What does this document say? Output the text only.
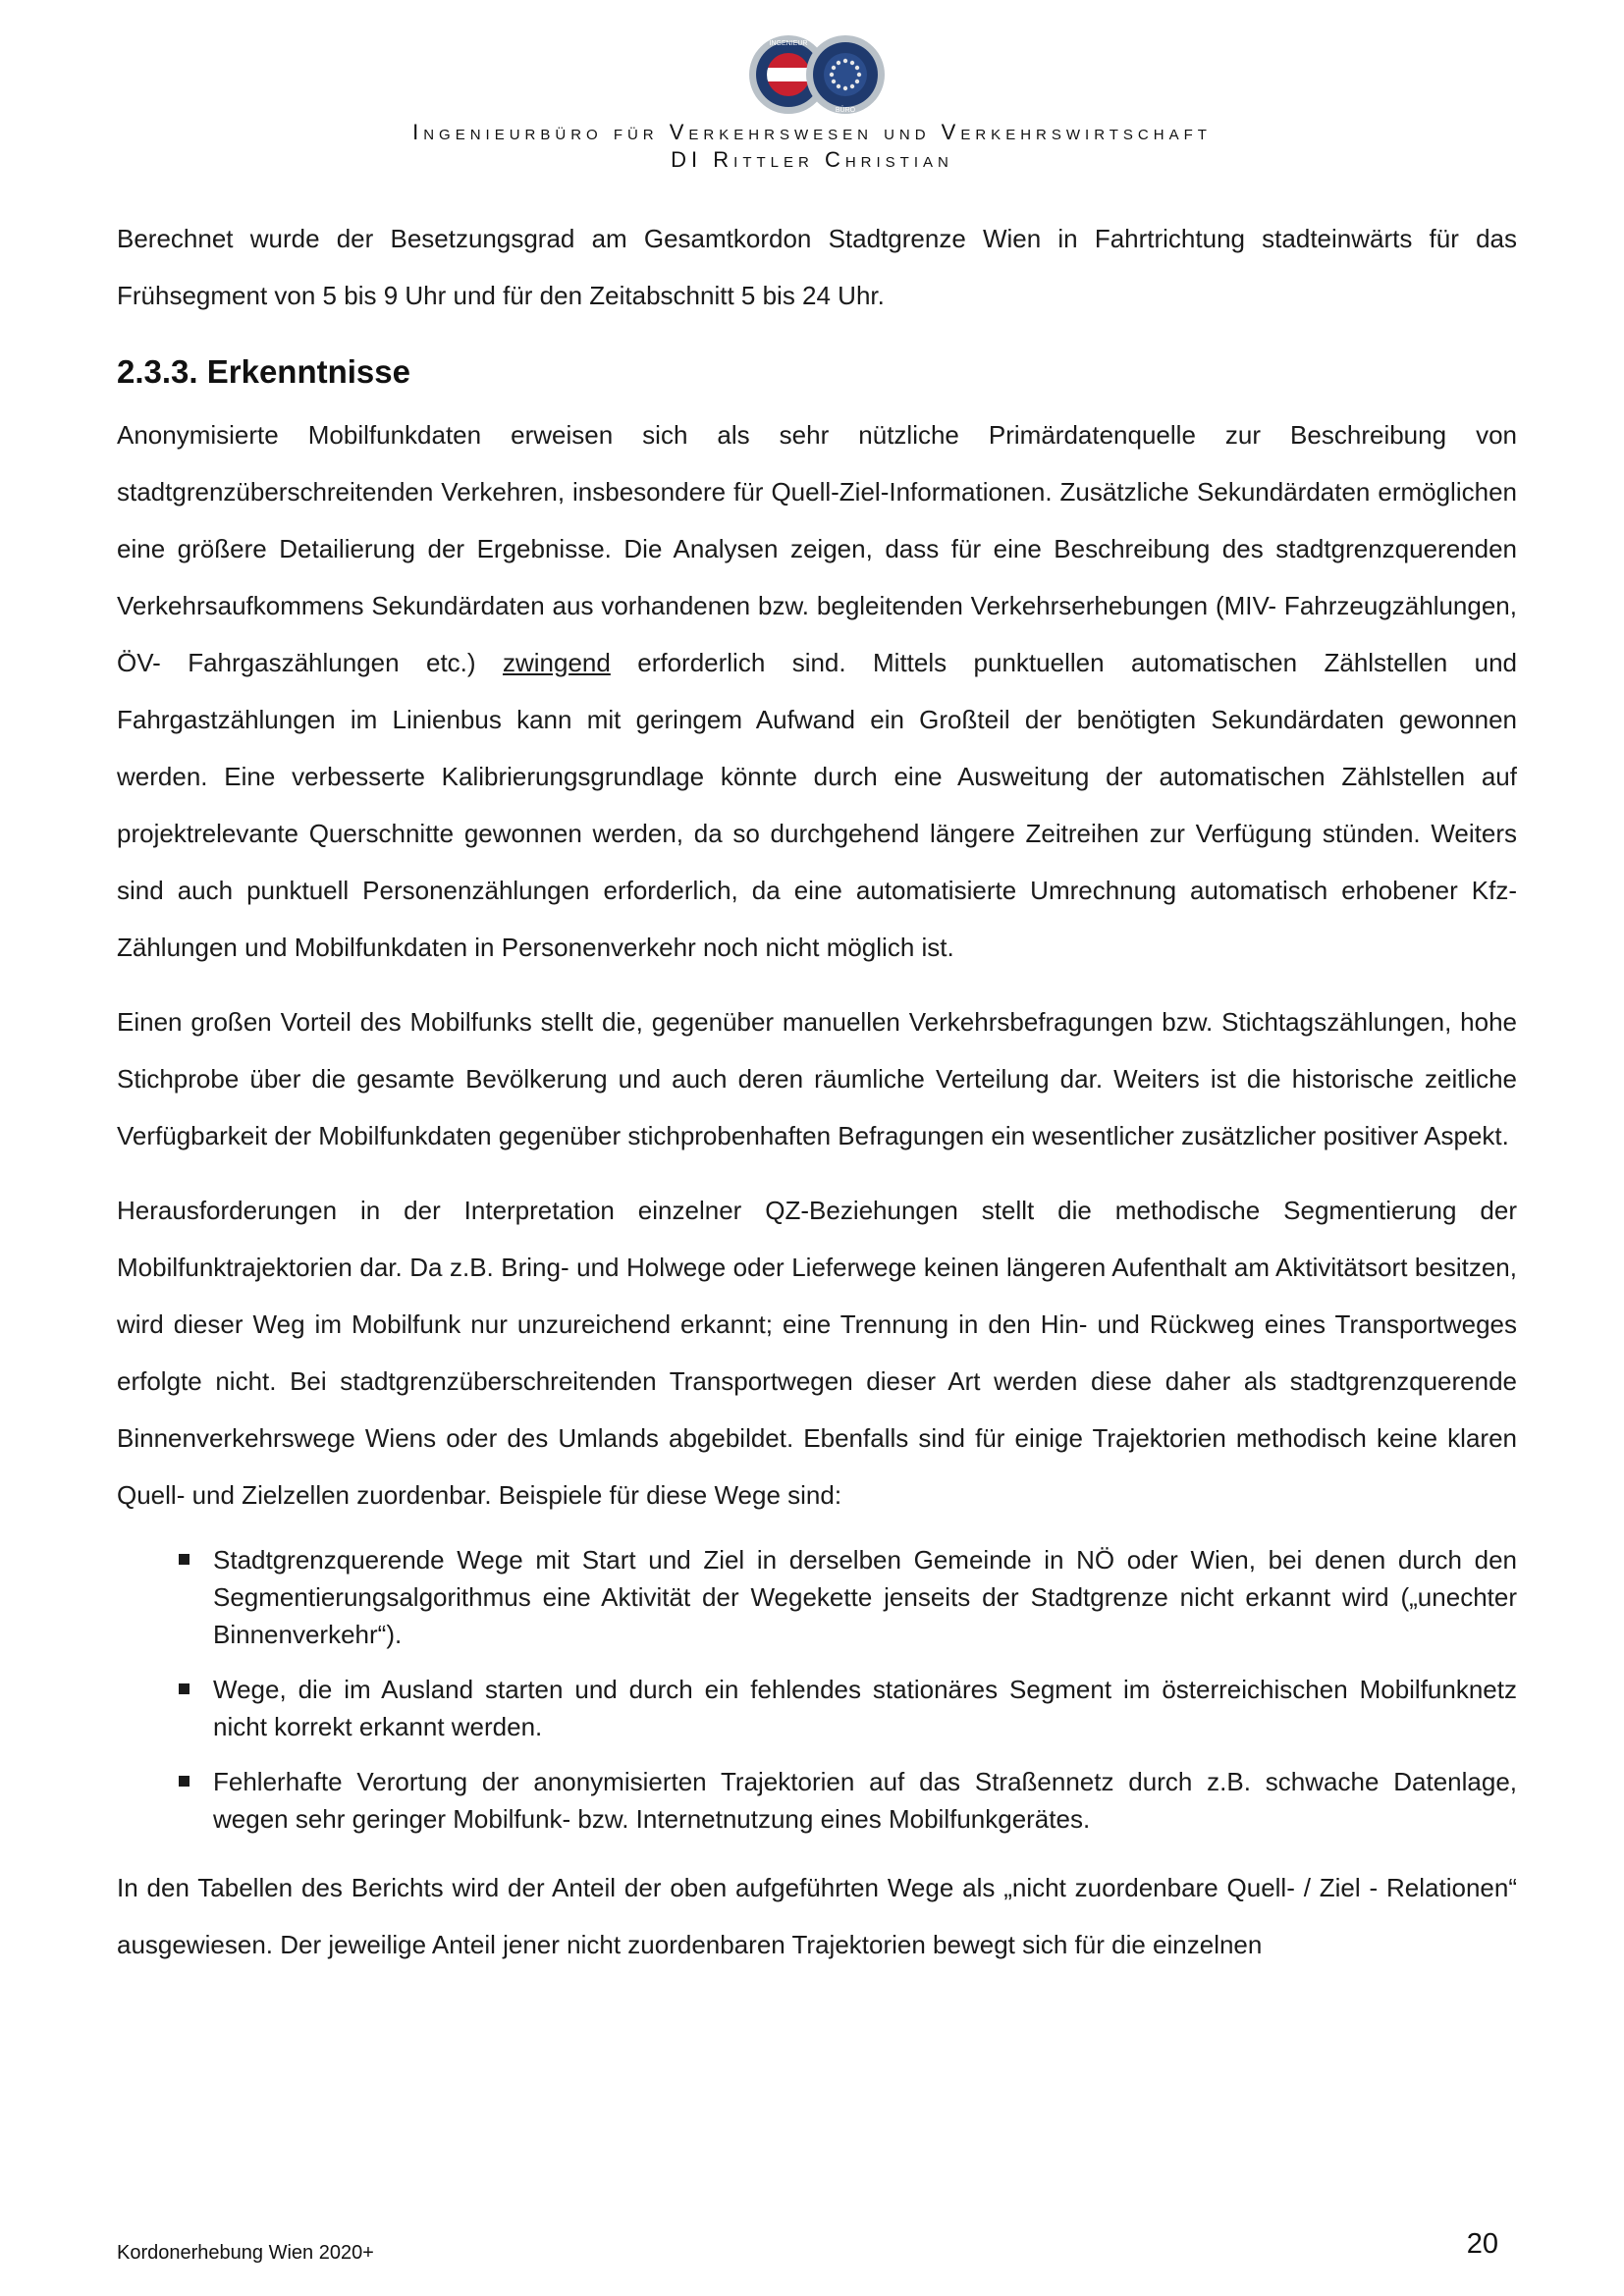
INGENIEUR
BÜRO
Ingenieurbüro für Verkehrswesen und Verkehrswirtschaft
DI Rittler Christian

Berechnet wurde der Besetzungsgrad am Gesamtkordon Stadtgrenze Wien in Fahrtrichtung stadteinwärts für das Frühsegment von 5 bis 9 Uhr und für den Zeitabschnitt 5 bis 24 Uhr.

2.3.3. Erkenntnisse

Anonymisierte Mobilfunkdaten erweisen sich als sehr nützliche Primärdatenquelle zur Beschreibung von stadtgrenzüberschreitenden Verkehren, insbesondere für Quell-Ziel-Informationen. Zusätzliche Sekundärdaten ermöglichen eine größere Detailierung der Ergebnisse. Die Analysen zeigen, dass für eine Beschreibung des stadtgrenzquerenden Verkehrsaufkommens Sekundärdaten aus vorhandenen bzw. begleitenden Verkehrserhebungen (MIV- Fahrzeugzählungen, ÖV- Fahrgaszählungen etc.) zwingend erforderlich sind. Mittels punktuellen automatischen Zählstellen und Fahrgastzählungen im Linienbus kann mit geringem Aufwand ein Großteil der benötigten Sekundärdaten gewonnen werden. Eine verbesserte Kalibrierungsgrundlage könnte durch eine Ausweitung der automatischen Zählstellen auf projektrelevante Querschnitte gewonnen werden, da so durchgehend längere Zeitreihen zur Verfügung stünden. Weiters sind auch punktuell Personenzählungen erforderlich, da eine automatisierte Umrechnung automatisch erhobener Kfz-Zählungen und Mobilfunkdaten in Personenverkehr noch nicht möglich ist.

Einen großen Vorteil des Mobilfunks stellt die, gegenüber manuellen Verkehrsbefragungen bzw. Stichtagszählungen, hohe Stichprobe über die gesamte Bevölkerung und auch deren räumliche Verteilung dar. Weiters ist die historische zeitliche Verfügbarkeit der Mobilfunkdaten gegenüber stichprobenhaften Befragungen ein wesentlicher zusätzlicher positiver Aspekt.

Herausforderungen in der Interpretation einzelner QZ-Beziehungen stellt die methodische Segmentierung der Mobilfunktrajektorien dar. Da z.B. Bring- und Holwege oder Lieferwege keinen längeren Aufenthalt am Aktivitätsort besitzen, wird dieser Weg im Mobilfunk nur unzureichend erkannt; eine Trennung in den Hin- und Rückweg eines Transportweges erfolgte nicht. Bei stadtgrenzüberschreitenden Transportwegen dieser Art werden diese daher als stadtgrenzquerende Binnenverkehrswege Wiens oder des Umlands abgebildet. Ebenfalls sind für einige Trajektorien methodisch keine klaren Quell- und Zielzellen zuordenbar. Beispiele für diese Wege sind:

Stadtgrenzquerende Wege mit Start und Ziel in derselben Gemeinde in NÖ oder Wien, bei denen durch den Segmentierungsalgorithmus eine Aktivität der Wegekette jenseits der Stadtgrenze nicht erkannt wird („unechter Binnenverkehr“).
Wege, die im Ausland starten und durch ein fehlendes stationäres Segment im österreichischen Mobilfunknetz nicht korrekt erkannt werden.
Fehlerhafte Verortung der anonymisierten Trajektorien auf das Straßennetz durch z.B. schwache Datenlage, wegen sehr geringer Mobilfunk- bzw. Internetnutzung eines Mobilfunkgerätes.

In den Tabellen des Berichts wird der Anteil der oben aufgeführten Wege als „nicht zuordenbare Quell- / Ziel - Relationen“ ausgewiesen. Der jeweilige Anteil jener nicht zuordenbaren Trajektorien bewegt sich für die einzelnen

Kordonerhebung Wien 2020+	20
